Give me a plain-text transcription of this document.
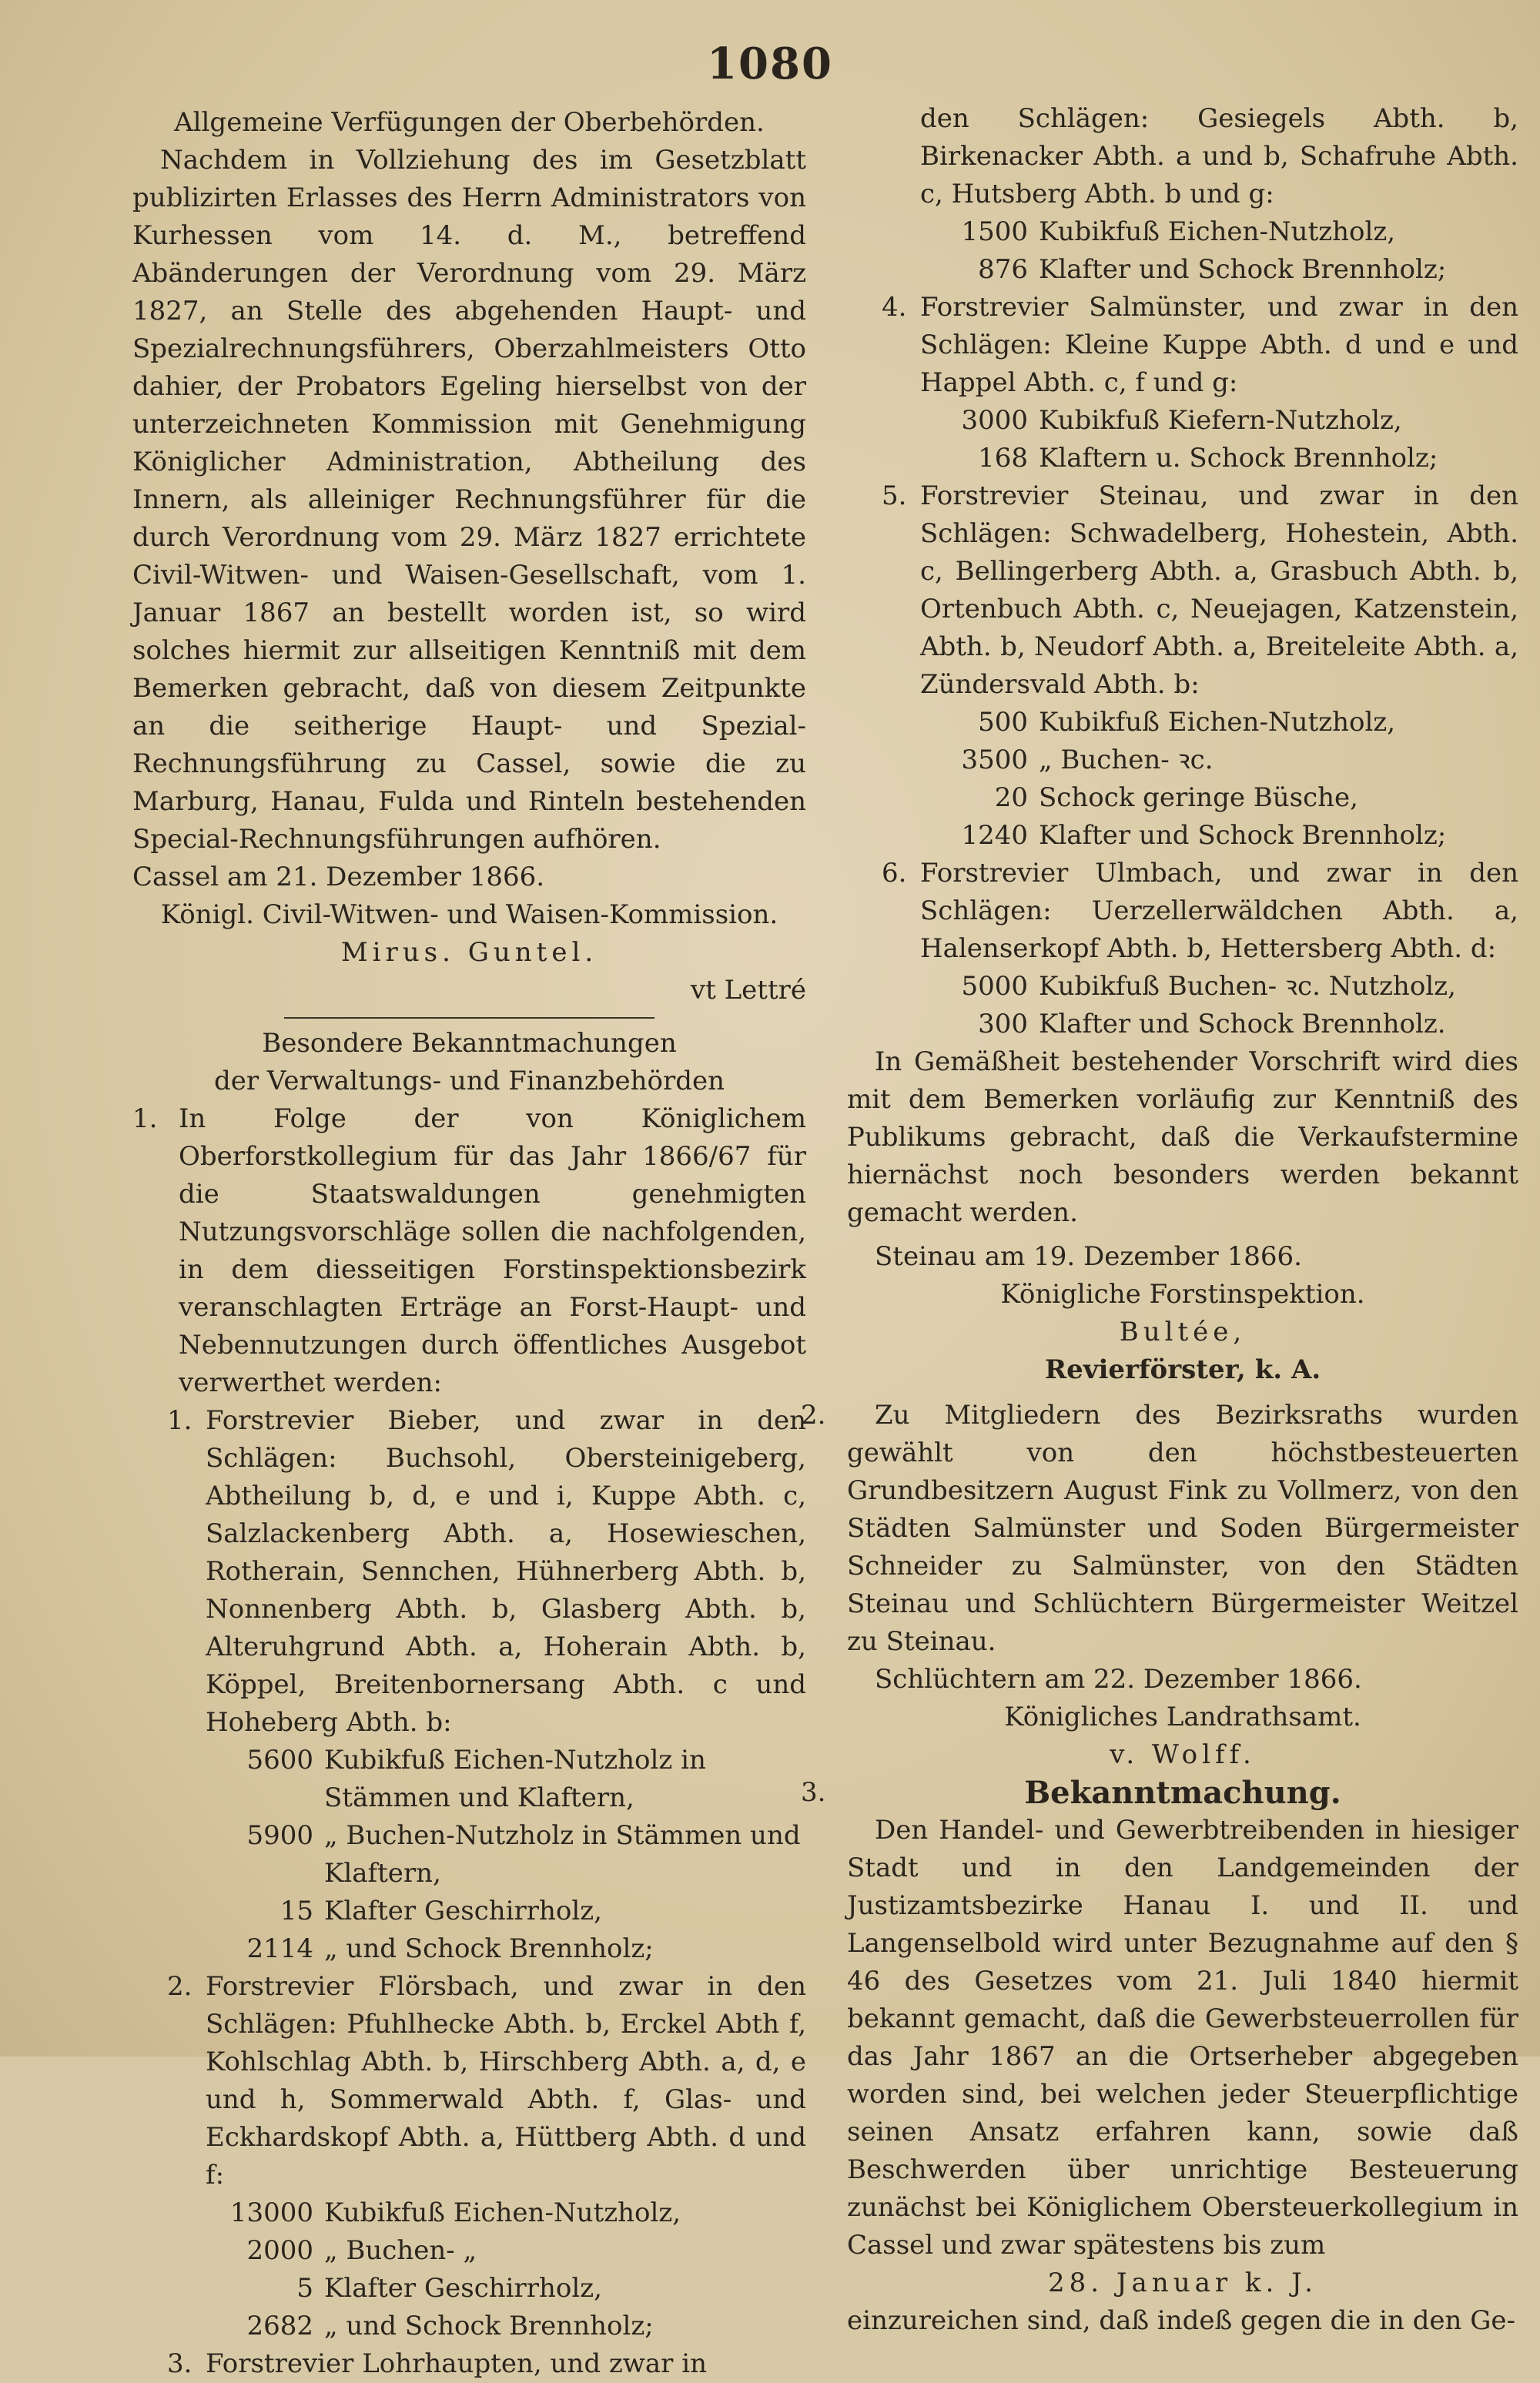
1080

Allgemeine Verfügungen der Oberbehörden.

Nachdem in Vollziehung des im Gesetzblatt publizirten Erlasses des Herrn Administrators von Kurhessen vom 14. d. M., betreffend Abänderungen der Verordnung vom 29. März 1827, an Stelle des abgehenden Haupt- und Spezialrechnungsführers, Oberzahlmeisters Otto dahier, der Probators Egeling hierselbst von der unterzeichneten Kommission mit Genehmigung Königlicher Administration, Abtheilung des Innern, als alleiniger Rechnungsführer für die durch Verordnung vom 29. März 1827 errichtete Civil-Witwen- und Waisen-Gesellschaft, vom 1. Januar 1867 an bestellt worden ist, so wird solches hiermit zur allseitigen Kenntniß mit dem Bemerken gebracht, daß von diesem Zeitpunkte an die seitherige Haupt- und Spezial-Rechnungsführung zu Cassel, sowie die zu Marburg, Hanau, Fulda und Rinteln bestehenden Special-Rechnungsführungen aufhören.

Cassel am 21. Dezember 1866.

Königl. Civil-Witwen- und Waisen-Kommission.

Mirus. Guntel.

vt Lettré

Besondere Bekanntmachungen

der Verwaltungs- und Finanzbehörden

1. In Folge der von Königlichem Oberforstkollegium für das Jahr 1866/67 für die Staatswaldungen genehmigten Nutzungsvorschläge sollen die nachfolgenden, in dem diesseitigen Forstinspektionsbezirk veranschlagten Erträge an Forst-Haupt- und Nebennutzungen durch öffentliches Ausgebot verwerthet werden:

1. Forstrevier Bieber, und zwar in den Schlägen: Buchsohl, Obersteinigeberg, Abtheilung b, d, e und i, Kuppe Abth. c, Salzlackenberg Abth. a, Hosewieschen, Rotherain, Sennchen, Hühnerberg Abth. b, Nonnenberg Abth. b, Glasberg Abth. b, Alteruhgrund Abth. a, Hoherain Abth. b, Köppel, Breitenbornersang Abth. c und Hoheberg Abth. b:

5600 Kubikfuß Eichen-Nutzholz in Stämmen und Klaftern,
5900 „ Buchen-Nutzholz in Stämmen und Klaftern,
15 Klafter Geschirrholz,
2114 „ und Schock Brennholz;
2. Forstrevier Flörsbach, und zwar in den Schlägen: Pfuhlhecke Abth. b, Erckel Abth f, Kohlschlag Abth. b, Hirschberg Abth. a, d, e und h, Sommerwald Abth. f, Glas- und Eckhardskopf Abth. a, Hüttberg Abth. d und f:

13000 Kubikfuß Eichen-Nutzholz,
2000 „ Buchen- „
5 Klafter Geschirrholz,
2682 „ und Schock Brennholz;
3. Forstrevier Lohrhaupten, und zwar in

den Schlägen: Gesiegels Abth. b, Birkenacker Abth. a und b, Schafruhe Abth. c, Hutsberg Abth. b und g:

1500 Kubikfuß Eichen-Nutzholz,
876 Klafter und Schock Brennholz;
4. Forstrevier Salmünster, und zwar in den Schlägen: Kleine Kuppe Abth. d und e und Happel Abth. c, f und g:

3000 Kubikfuß Kiefern-Nutzholz,
168 Klaftern u. Schock Brennholz;
5. Forstrevier Steinau, und zwar in den Schlägen: Schwadelberg, Hohestein, Abth. c, Bellingerberg Abth. a, Grasbuch Abth. b, Ortenbuch Abth. c, Neuejagen, Katzenstein, Abth. b, Neudorf Abth. a, Breiteleite Abth. a, Zündersvald Abth. b:

500 Kubikfuß Eichen-Nutzholz,
3500 „ Buchen- ꝛc.
20 Schock geringe Büsche,
1240 Klafter und Schock Brennholz;
6. Forstrevier Ulmbach, und zwar in den Schlägen: Uerzellerwäldchen Abth. a, Halenserkopf Abth. b, Hettersberg Abth. d:

5000 Kubikfuß Buchen- ꝛc. Nutzholz,
300 Klafter und Schock Brennholz.

In Gemäßheit bestehender Vorschrift wird dies mit dem Bemerken vorläufig zur Kenntniß des Publikums gebracht, daß die Verkaufstermine hiernächst noch besonders werden bekannt gemacht werden.

Steinau am 19. Dezember 1866.

Königliche Forstinspektion.

Bultée,

Revierförster, k. A.

2.	Zu Mitgliedern des Bezirksraths wurden gewählt von den höchstbesteuerten Grundbesitzern August Fink zu Vollmerz, von den Städten Salmünster und Soden Bürgermeister Schneider zu Salmünster, von den Städten Steinau und Schlüchtern Bürgermeister Weitzel zu Steinau.

Schlüchtern am 22. Dezember 1866.

Königliches Landrathsamt.

v. Wolff.

3.	Bekanntmachung.

Den Handel- und Gewerbtreibenden in hiesiger Stadt und in den Landgemeinden der Justizamtsbezirke Hanau I. und II. und Langenselbold wird unter Bezugnahme auf den § 46 des Gesetzes vom 21. Juli 1840 hiermit bekannt gemacht, daß die Gewerbsteuerrollen für das Jahr 1867 an die Ortserheber abgegeben worden sind, bei welchen jeder Steuerpflichtige seinen Ansatz erfahren kann, sowie daß Beschwerden über unrichtige Besteuerung zunächst bei Königlichem Obersteuerkollegium in Cassel und zwar spätestens bis zum

28. Januar k. J.

einzureichen sind, daß indeß gegen die in den Ge-
